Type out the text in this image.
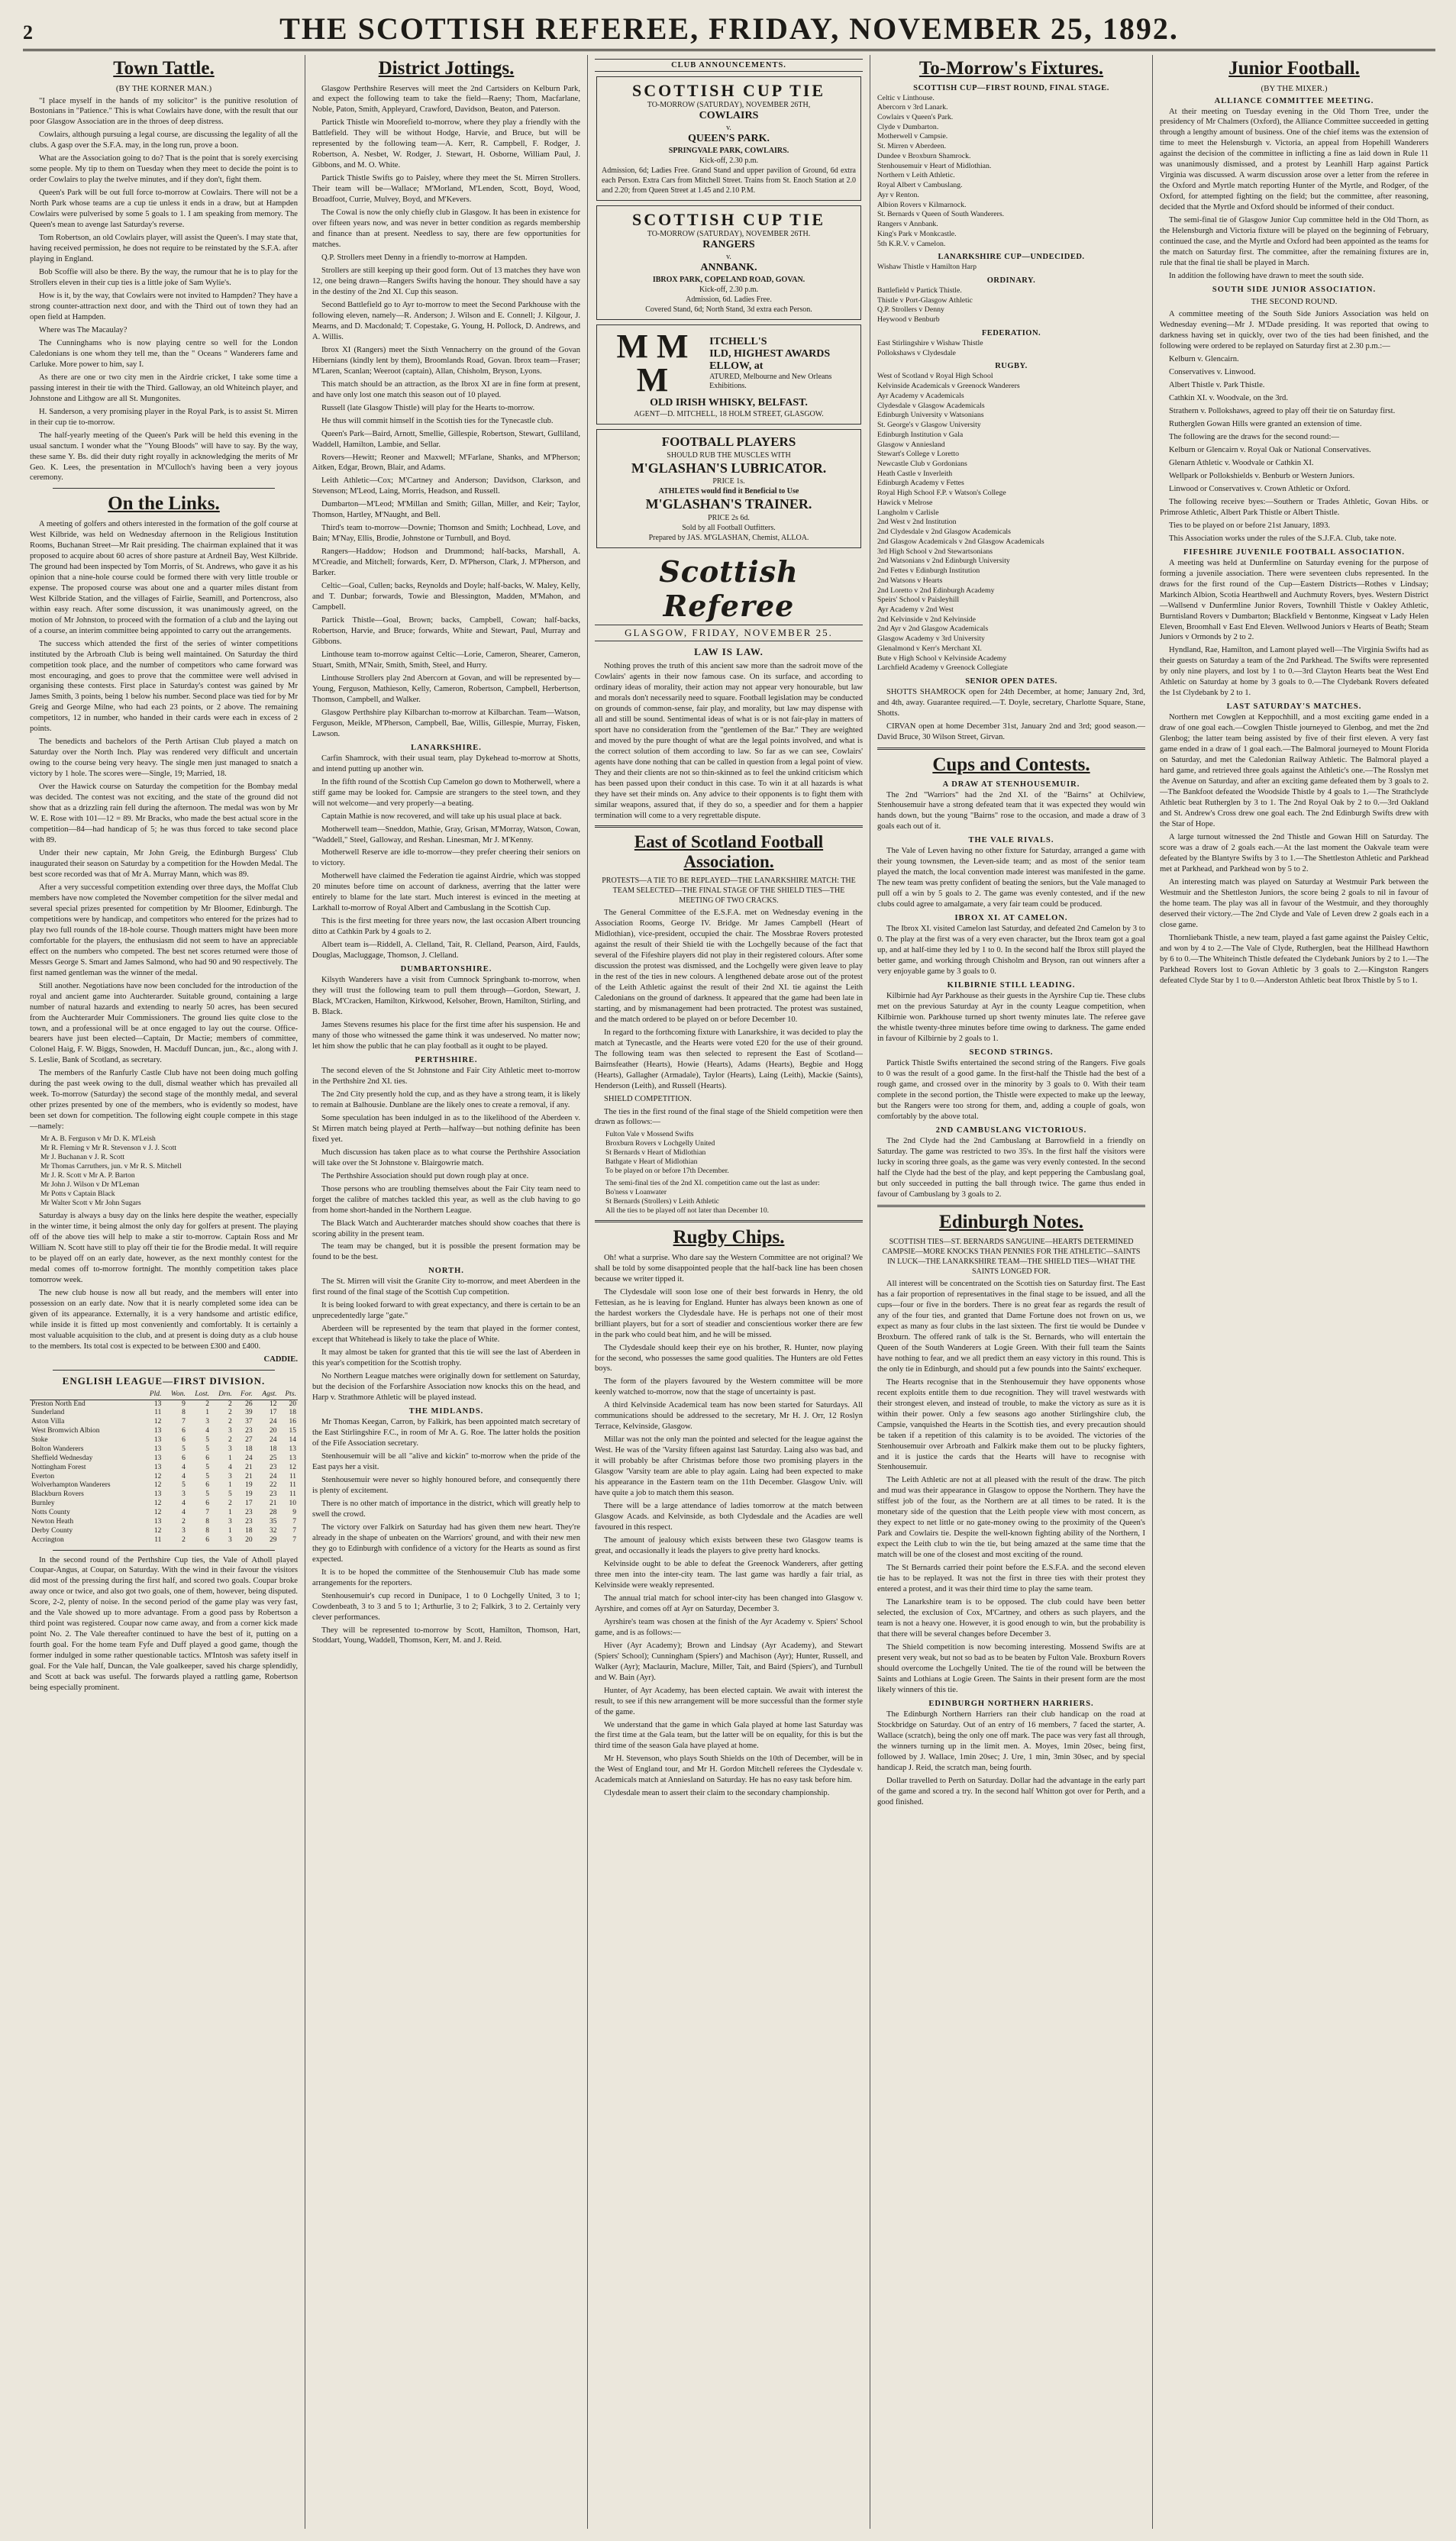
2	THE SCOTTISH REFEREE, FRIDAY, NOVEMBER 25, 1892.
Town Tattle.
(BY THE KORNER MAN.)

"I place myself in the hands of my solicitor" is the punitive resolution of Bostonians in "Patience." This is what Cowlairs have done, with the result that our poor Glasgow Association are in the throes of deep distress.

Cowlairs, although pursuing a legal course, are discussing the legality of all the clubs. A gasp over the S.F.A. may, in the long run, prove a boon.

What are the Association going to do? That is the point that is sorely exercising some people. My tip to them on Tuesday when they meet to decide the point is to order Cowlairs to play the twelve minutes, and if they don't, fight them.

Queen's Park will be out full force to-morrow at Cowlairs. There will not be a North Park whose teams are a cup tie unless it ends in a draw, but at Hampden Cowlairs were pulverised by some 5 goals to 1. I am speaking from memory. The Queen's mean to avenge last Saturday's reverse.

Tom Robertson, an old Cowlairs player, will assist the Queen's. I may state that, having received permission, he does not require to be reinstated by the S.F.A. after playing in England.

Bob Scoffie will also be there. By the way, the rumour that he is to play for the Strollers eleven in their cup ties is a little joke of Sam Wylie's.

How is it, by the way, that Cowlairs were not invited to Hampden? They have a strong counter-attraction next door, and with the Third out of town they had an open field at Hampden.

Where was The Macaulay?

The Cunninghams who is now playing centre so well for the London Caledonians is one whom they tell me, than the " Oceans " Wanderers fame and Carluke. More power to him, say I.

As there are one or two city men in the Airdrie cricket, I take some time a passing interest in their tie with the Third. Galloway, an old Whiteinch player, and Johnstone and Lithgow are all St. Mungonites.

H. Sanderson, a very promising player in the Royal Park, is to assist St. Mirren in their cup tie to-morrow.

The half-yearly meeting of the Queen's Park will be held this evening in the usual sanctum. I wonder what the "Young Bloods" will have to say. By the way, these same Y. Bs. did their duty right royally in acknowledging the merits of Mr Geo. K. Lees, the presentation in M'Culloch's having been a very joyous ceremony.

On the Links.

A meeting of golfers and others interested in the formation of the golf course at West Kilbride, was held on Wednesday afternoon in the Religious Institution Rooms, Buchanan Street—Mr Rait presiding. The chairman explained that it was proposed to acquire about 60 acres of shore pasture at Ardneil Bay, West Kilbride. The ground had been inspected by Tom Morris, of St. Andrews, who gave it as his opinion that a nine-hole course could be formed there with very little trouble or expense. The proposed course was about one and a quarter miles distant from West Kilbride Station, and the villages of Fairlie, Seamill, and Portencross, also within easy reach. After some discussion, it was unanimously agreed, on the motion of Mr Johnston, to proceed with the formation of a club and the laying out of a course, an interim committee being appointed to carry out the arrangements.

The success which attended the first of the series of winter competitions instituted by the Arbroath Club is being well maintained. On Saturday the third competition took place, and the number of competitors who came forward was most encouraging, and goes to prove that the committee were well advised in organising these contests. First place in Saturday's contest was gained by Mr James Smith, 3 points, being 1 below his number. Second place was tied for by Mr Greig and George Milne, who had each 23 points, or 2 above. The remaining competitors, 12 in number, who handed in their cards were each in excess of 2 points.

The benedicts and bachelors of the Perth Artisan Club played a match on Saturday over the North Inch. Play was rendered very difficult and uncertain owing to the course being very heavy. The single men just managed to snatch a victory by 1 hole. The scores were—Single, 19; Married, 18.

Over the Hawick course on Saturday the competition for the Bombay medal was decided. The contest was not exciting, and the state of the ground did not show that as a drizzling rain fell during the afternoon. The medal was won by Mr W. E. Rose with 101—12 = 89. Mr Bracks, who made the best actual score in the competition—84—had handicap of 5; he was thus forced to take second place with 89.

Under their new captain, Mr John Greig, the Edinburgh Burgess' Club inaugurated their season on Saturday by a competition for the Howden Medal. The best score recorded was that of Mr A. Murray Mann, which was 89.

After a very successful competition extending over three days, the Moffat Club members have now completed the November competition for the silver medal and several special prizes presented for competition by Mr Bloomer, Edinburgh. The competitions were by handicap, and competitors who entered for the prizes had to play two full rounds of the 18-hole course. Though matters might have been more comfortable for the players, the enthusiasm did not seem to have an appreciable effect on the numbers who competed. The best net scores returned were those of Messrs George S. Smart and James Salmond, who had 90 and 90 respectively. The first named gentleman was the winner of the medal.

Still another. Negotiations have now been concluded for the introduction of the royal and ancient game into Auchterarder. Suitable ground, containing a large number of natural hazards and extending to nearly 50 acres, has been secured from the Auchterarder Muir Commissioners. The ground lies quite close to the town, and a professional will be at once engaged to lay out the course. Office-bearers have just been elected—Captain, Dr Mactie; members of committee, Colonel Haig, F. W. Biggs, Snowden, H. Macduff Duncan, jun., &c., along with J. S. Leslie, Bank of Scotland, as secretary.

The members of the Ranfurly Castle Club have not been doing much golfing during the past week owing to the dull, dismal weather which has prevailed all week. To-morrow (Saturday) the second stage of the monthly medal, and several other prizes presented by one of the members, who is evidently so modest, have been set down for competition. The following eight couple compete in this stage—namely:

Mr A. B. Ferguson v Mr D. K. M'Leish
Mr R. Fleming v Mr R. Stevenson v J. J. Scott
Mr J. Buchanan v J. R. Scott
Mr Thomas Carruthers, jun. v Mr R. S. Mitchell
Mr J. R. Scott v Mr A. P. Barton
Mr John J. Wilson v Dr M'Leman
Mr Potts v Captain Black
Mr Walter Scott v Mr John Sugars

Saturday is always a busy day on the links here despite the weather, especially in the winter time, it being almost the only day for golfers at present. The playing off of the above ties will help to make a stir to-morrow. Captain Ross and Mr William N. Scott have still to play off their tie for the Brodie medal. It will require to be played off on an early date, however, as the next monthly contest for the medal comes off to-morrow fortnight. The monthly competition takes place tomorrow week.

The new club house is now all but ready, and the members will enter into possession on an early date. Now that it is nearly completed some idea can be given of its appearance. Externally, it is a very handsome and artistic edifice, while inside it is fitted up most conveniently and comfortably. It is certainly a most valuable acquisition to the club, and at present is doing duty as a club house to the members. Its total cost is expected to be between £300 and £400.

CADDIE.

ENGLISH LEAGUE—FIRST DIVISION.
	Pld.	Won.	Lost.	Drn.	For.	Agst.	Pts.
Preston North End	13	9	2	2	26	12	20
Sunderland	11	8	1	2	39	17	18
Aston Villa	12	7	3	2	37	24	16
West Bromwich Albion	13	6	4	3	23	20	15
Stoke	13	6	5	2	27	24	14
Bolton Wanderers	13	5	5	3	18	18	13
Sheffield Wednesday	13	6	6	1	24	25	13
Nottingham Forest	13	4	5	4	21	23	12
Everton	12	4	5	3	21	24	11
Wolverhampton Wanderers	12	5	6	1	19	22	11
Blackburn Rovers	13	3	5	5	19	23	11
Burnley	12	4	6	2	17	21	10
Notts County	12	4	7	1	23	28	9
Newton Heath	13	2	8	3	23	35	7
Derby County	12	3	8	1	18	32	7
Accrington	11	2	6	3	20	29	7

In the second round of the Perthshire Cup ties, the Vale of Atholl played Coupar-Angus, at Coupar, on Saturday. With the wind in their favour the visitors did most of the pressing during the first half, and scored two goals. Coupar broke away once or twice, and also got two goals, one of them, however, being disputed. Score, 2-2, plenty of noise. In the second period of the game play was very fast, and the Vale showed up to more advantage. From a good pass by Robertson a third point was registered. Coupar now came away, and from a corner kick made point No. 2. The Vale thereafter continued to have the best of it, putting on a fourth goal. For the home team Fyfe and Duff played a good game, though the former indulged in some rather questionable tactics. M'Intosh was safety itself in goal. For the Vale half, Duncan, the Vale goalkeeper, saved his charge splendidly, and Scott at back was useful. The forwards played a rattling game, Robertson being especially prominent.

District Jottings.

Glasgow Perthshire Reserves will meet the 2nd Cartsiders on Kelburn Park, and expect the following team to take the field—Raeny; Thom, Macfarlane, Noble, Paton, Smith, Appleyard, Crawford, Davidson, Beaton, and Paterson.

Partick Thistle win Moorefield to-morrow, where they play a friendly with the Battlefield. They will be without Hodge, Harvie, and Bruce, but will be represented by the following team—A. Kerr, R. Campbell, F. Rodger, J. Robertson, A. Nesbet, W. Rodger, J. Stewart, H. Osborne, William Paul, J. Gibbons, and M. O. White.

Partick Thistle Swifts go to Paisley, where they meet the St. Mirren Strollers. Their team will be—Wallace; M'Morland, M'Lenden, Scott, Boyd, Wood, Broadfoot, Currie, Mulvey, Boyd, and M'Kevers.

The Cowal is now the only chiefly club in Glasgow. It has been in existence for over fifteen years now, and was never in better condition as regards membership and finance than at present. Needless to say, there are few opportunities for matches.

Q.P. Strollers meet Denny in a friendly to-morrow at Hampden.

Strollers are still keeping up their good form. Out of 13 matches they have won 12, one being drawn—Rangers Swifts having the honour. They should have a say in the destiny of the 2nd XI. Cup this season.

Second Battlefield go to Ayr to-morrow to meet the Second Parkhouse with the following eleven, namely—R. Anderson; J. Wilson and E. Connell; J. Kilgour, J. Mearns, and D. Macdonald; T. Copestake, G. Young, H. Pollock, D. Andrews, and A. Willis.

Ibrox XI (Rangers) meet the Sixth Vennacherry on the ground of the Govan Hibernians (kindly lent by them), Broomlands Road, Govan. Ibrox team—Fraser; M'Laren, Scanlan; Weeroot (captain), Allan, Chisholm, Bryson, Lyons.

This match should be an attraction, as the Ibrox XI are in fine form at present, and have only lost one match this season out of 10 played.

Russell (late Glasgow Thistle) will play for the Hearts to-morrow.

He thus will commit himself in the Scottish ties for the Tynecastle club.

Queen's Park—Baird, Arnott, Smellie, Gillespie, Robertson, Stewart, Gulliland, Waddell, Hamilton, Lambie, and Sellar.

Rovers—Hewitt; Reoner and Maxwell; M'Farlane, Shanks, and M'Pherson; Aitken, Edgar, Brown, Blair, and Adams.

Leith Athletic—Cox; M'Cartney and Anderson; Davidson, Clarkson, and Stevenson; M'Leod, Laing, Morris, Headson, and Russell.

Dumbarton—M'Leod; M'Millan and Smith; Gillan, Miller, and Keir; Taylor, Thomson, Hartley, M'Naught, and Bell.

Third's team to-morrow—Downie; Thomson and Smith; Lochhead, Love, and Bain; M'Nay, Ellis, Brodie, Johnstone or Turnbull, and Boyd.

Rangers—Haddow; Hodson and Drummond; half-backs, Marshall, A. M'Creadie, and Mitchell; forwards, Kerr, D. M'Pherson, Clark, J. M'Pherson, and Barker.

Celtic—Goal, Cullen; backs, Reynolds and Doyle; half-backs, W. Maley, Kelly, and T. Dunbar; forwards, Towie and Blessington, Madden, M'Mahon, and Campbell.

Partick Thistle—Goal, Brown; backs, Campbell, Cowan; half-backs, Robertson, Harvie, and Bruce; forwards, White and Stewart, Paul, Murray and Gibbons.

Linthouse team to-morrow against Celtic—Lorie, Cameron, Shearer, Cameron, Stuart, Smith, M'Nair, Smith, Smith, Steel, and Hurry.

Linthouse Strollers play 2nd Abercorn at Govan, and will be represented by—Young, Ferguson, Mathieson, Kelly, Cameron, Robertson, Campbell, Herbertson, Thomson, Campbell, and Walker.

Glasgow Perthshire play Kilbarchan to-morrow at Kilbarchan. Team—Watson, Ferguson, Meikle, M'Pherson, Campbell, Bae, Willis, Gillespie, Murray, Fisken, Lawson.

LANARKSHIRE.

Carfin Shamrock, with their usual team, play Dykehead to-morrow at Shotts, and intend putting up another win.

In the fifth round of the Scottish Cup Camelon go down to Motherwell, where a stiff game may be looked for. Campsie are strangers to the steel town, and they will not welcome—and very properly—a beating.

Captain Mathie is now recovered, and will take up his usual place at back.

Motherwell team—Sneddon, Mathie, Gray, Grisan, M'Morray, Watson, Cowan, "Waddell," Steel, Galloway, and Reshan. Linesman, Mr J. M'Kenny.

Motherwell Reserve are idle to-morrow—they prefer cheering their seniors on to victory.

Motherwell have claimed the Federation tie against Airdrie, which was stopped 20 minutes before time on account of darkness, averring that the latter were entirely to blame for the late start. Much interest is evinced in the meeting at Larkhall to-morrow of Royal Albert and Cambuslang in the Scottish Cup.

This is the first meeting for three years now, the last occasion Albert trouncing ditto at Cathkin Park by 4 goals to 2.

Albert team is—Riddell, A. Clelland, Tait, R. Clelland, Pearson, Aird, Faulds, Douglas, Macluggage, Thomson, J. Clelland.

DUMBARTONSHIRE.

Kilsyth Wanderers have a visit from Cumnock Springbank to-morrow, when they will trust the following team to pull them through—Gordon, Stewart, J. Black, M'Cracken, Hamilton, Kirkwood, Kelsoher, Brown, Hamilton, Stirling, and B. Black.

James Stevens resumes his place for the first time after his suspension. He and many of those who witnessed the game think it was undeserved. No matter now; let him show the public that he can play football as it ought to be played.

PERTHSHIRE.

The second eleven of the St Johnstone and Fair City Athletic meet to-morrow in the Perthshire 2nd XI. ties.

The 2nd City presently hold the cup, and as they have a strong team, it is likely to remain at Balhousie. Dunblane are the likely ones to create a removal, if any.

Some speculation has been indulged in as to the likelihood of the Aberdeen v. St Mirren match being played at Perth—halfway—but nothing definite has been fixed yet.

Much discussion has taken place as to what course the Perthshire Association will take over the St Johnstone v. Blairgowrie match.

The Perthshire Association should put down rough play at once.

Those persons who are troubling themselves about the Fair City team need to forget the calibre of matches tackled this year, as well as the club having to go from home short-handed in the Northern League.

The Black Watch and Auchterarder matches should show coaches that there is scoring ability in the present team.

The team may be changed, but it is possible the present formation may be found to be the best.

NORTH.

The St. Mirren will visit the Granite City to-morrow, and meet Aberdeen in the first round of the final stage of the Scottish Cup competition.

It is being looked forward to with great expectancy, and there is certain to be an unprecedentedly large "gate."

Aberdeen will be represented by the team that played in the former contest, except that Whitehead is likely to take the place of White.

It may almost be taken for granted that this tie will see the last of Aberdeen in this year's competition for the Scottish trophy.

No Northern League matches were originally down for settlement on Saturday, but the decision of the Forfarshire Association now knocks this on the head, and Harp v. Strathmore Athletic will be played instead.

THE MIDLANDS.

Mr Thomas Keegan, Carron, by Falkirk, has been appointed match secretary of the East Stirlingshire F.C., in room of Mr A. G. Roe. The latter holds the position of the Fife Association secretary.

Stenhousemuir will be all "alive and kickin" to-morrow when the pride of the East pays her a visit.

Stenhousemuir were never so highly honoured before, and consequently there is plenty of excitement.

There is no other match of importance in the district, which will greatly help to swell the crowd.

The victory over Falkirk on Saturday had has given them new heart. They're already in the shape of unbeaten on the Warriors' ground, and with their new men they go to Edinburgh with confidence of a victory for the Hearts as sound as first expected.

It is to be hoped the committee of the Stenhousemuir Club has made some arrangements for the reporters.

Stenhousemuir's cup record in Dunipace, 1 to 0 Lochgelly United, 3 to 1; Cowdenbeath, 3 to 3 and 5 to 1; Arthurlie, 3 to 2; Falkirk, 3 to 2. Certainly very clever performances.

They will be represented to-morrow by Scott, Hamilton, Thomson, Hart, Stoddart, Young, Waddell, Thomson, Kerr, M. and J. Reid.

CLUB ANNOUNCEMENTS.
SCOTTISH CUP TIE
TO-MORROW (SATURDAY), NOVEMBER 26TH,
COWLAIRS
v.
QUEEN'S PARK.
SPRINGVALE PARK, COWLAIRS.
Kick-off, 2.30 p.m.
Admission, 6d; Ladies Free. Grand Stand and upper pavilion of Ground, 6d extra each Person. Extra Cars from Mitchell Street. Trains from St. Enoch Station at 2.0 and 2.20; from Queen Street at 1.45 and 2.10 P.M.
SCOTTISH CUP TIE
TO-MORROW (SATURDAY), NOVEMBER 26TH.
RANGERS
v.
ANNBANK.
IBROX PARK, COPELAND ROAD, GOVAN.
Kick-off, 2.30 p.m.
Admission, 6d. Ladies Free.
Covered Stand, 6d; North Stand, 3d extra each Person.
M M M
ITCHELL'S
ILD, HIGHEST AWARDS
ELLOW, at
ATURED, Melbourne and New Orleans Exhibitions.
OLD IRISH WHISKY, BELFAST.
AGENT—D. MITCHELL, 18 HOLM STREET, GLASGOW.
FOOTBALL PLAYERS
SHOULD RUB THE MUSCLES WITH
M'GLASHAN'S LUBRICATOR.
PRICE 1s.
ATHLETES would find it Beneficial to Use
M'GLASHAN'S TRAINER.
PRICE 2s 6d.
Sold by all Football Outfitters.
Prepared by JAS. M'GLASHAN, Chemist, ALLOA.
Scottish Referee
GLASGOW, FRIDAY, NOVEMBER 25.
LAW IS LAW.

Nothing proves the truth of this ancient saw more than the sadroit move of the Cowlairs' agents in their now famous case. On its surface, and according to ordinary ideas of morality, their action may not appear very honourable, but law and morals don't necessarily need to square. Football legislation may be conducted on grounds of common-sense, fair play, and morality, but law may dispense with all and still be sound. Sentimental ideas of what is or is not fair-play in matters of sport have no consideration from the "gentlemen of the Bar." They are weighted and moved by the pure thought of what are the legal points involved, and what is the correct solution of them according to law. So far as we can see, Cowlairs' agents have done nothing that can be called in question from a legal point of view. They and their clients are not so thin-skinned as to feel the unkind criticism which has been passed upon their conduct in this case. To win it at all hazards is what they have set their minds on. Any advice to their opponents is to fight them with similar weapons, assured that, if they do so, a speedier and for them a happier termination will come to a very regrettable dispute.

East of Scotland Football Association.
PROTESTS—A TIE TO BE REPLAYED—THE LANARKSHIRE MATCH: THE TEAM SELECTED—THE FINAL STAGE OF THE SHIELD TIES—THE MEETING OF TWO CRACKS.

The General Committee of the E.S.F.A. met on Wednesday evening in the Association Rooms, George IV. Bridge. Mr James Campbell (Heart of Midlothian), vice-president, occupied the chair. The Mossbrae Rovers protested against the result of their Shield tie with the Lochgelly because of the fact that several of the Fifeshire players did not play in their registered colours. After some discussion the protest was dismissed, and the Lochgelly were given leave to play in the rest of the ties in new colours. A lengthened debate arose out of the protest of the Leith Athletic against the result of their 2nd XI. tie against the Leith Caledonians on the ground of darkness. It appeared that the game had been late in starting, and by mismanagement had been protracted. The protest was sustained, and the match ordered to be played on or before December 10.

In regard to the forthcoming fixture with Lanarkshire, it was decided to play the match at Tynecastle, and the Hearts were voted £20 for the use of their ground. The following team was then selected to represent the East of Scotland—Bairnsfeather (Hearts), Howie (Hearts), Adams (Hearts), Begbie and Hogg (Hearts), Gallagher (Armadale), Taylor (Hearts), Laing (Leith), Mackie (Saints), Henderson (Leith), and Russell (Hearts).

SHIELD COMPETITION.

The ties in the first round of the final stage of the Shield competition were then drawn as follows:—

Fulton Vale v Mossend Swifts
Broxburn Rovers v Lochgelly United
St Bernards v Heart of Midlothian
Bathgate v Heart of Midlothian
To be played on or before 17th December.
The semi-final ties of the 2nd XI. competition came out the last as under:
Bo'ness v Loanwater
St Bernards (Strollers) v Leith Athletic
All the ties to be played off not later than December 10.
Rugby Chips.

Oh! what a surprise. Who dare say the Western Committee are not original? We shall be told by some disappointed people that the half-back line has been chosen because we writer tipped it.

The Clydesdale will soon lose one of their best forwards in Henry, the old Fettesian, as he is leaving for England. Hunter has always been known as one of the hardest workers the Clydesdale have. He is perhaps not one of their most brilliant players, but for a sort of steadier and conscientious worker there are few in the park who could beat him, and he will be missed.

The Clydesdale should keep their eye on his brother, R. Hunter, now playing for the second, who possesses the same good qualities. The Hunters are old Fettes boys.

The form of the players favoured by the Western committee will be more keenly watched to-morrow, now that the stage of uncertainty is past.

A third Kelvinside Academical team has now been started for Saturdays. All communications should be addressed to the secretary, Mr H. J. Orr, 12 Roslyn Terrace, Kelvinside, Glasgow.

Millar was not the only man the pointed and selected for the league against the West. He was of the 'Varsity fifteen against last Saturday. Laing also was bad, and it will probably be after Christmas before those two promising players in the Glasgow 'Varsity team are able to play again. Laing had been expected to make his appearance in the Eastern team on the 11th December. Glasgow Univ. will have quite a job to match them this season.

There will be a large attendance of ladies tomorrow at the match between Glasgow Acads. and Kelvinside, as both Clydesdale and the Acadies are well favoured in this respect.

The amount of jealousy which exists between these two Glasgow teams is great, and occasionally it leads the players to give pretty hard knocks.

Kelvinside ought to be able to defeat the Greenock Wanderers, after getting three men into the inter-city team. The last game was hardly a fair trial, as Kelvinside were weakly represented.

The annual trial match for school inter-city has been changed into Glasgow v. Ayrshire, and comes off at Ayr on Saturday, December 3.

Ayrshire's team was chosen at the finish of the Ayr Academy v. Spiers' School game, and is as follows:—

Hiver (Ayr Academy); Brown and Lindsay (Ayr Academy), and Stewart (Spiers' School); Cunningham (Spiers') and Machison (Ayr); Hunter, Russell, and Walker (Ayr); Maclaurin, Maclure, Miller, Tait, and Baird (Spiers'), and Turnbull and W. Bain (Ayr).

Hunter, of Ayr Academy, has been elected captain. We await with interest the result, to see if this new arrangement will be more successful than the former style of the game.

We understand that the game in which Gala played at home last Saturday was the first time at the Gala team, but the latter will be on equality, for this is but the third time of the season Gala have played at home.

Mr H. Stevenson, who plays South Shields on the 10th of December, will be in the West of England tour, and Mr H. Gordon Mitchell referees the Clydesdale v. Academicals match at Anniesland on Saturday. He has no easy task before him.

Clydesdale mean to assert their claim to the secondary championship.

To-Morrow's Fixtures.
SCOTTISH CUP—FIRST ROUND, FINAL STAGE.
Celtic v Linthouse.
Abercorn v 3rd Lanark.
Cowlairs v Queen's Park.
Clyde v Dumbarton.
Motherwell v Campsie.
St. Mirren v Aberdeen.
Dundee v Broxburn Shamrock.
Stenhousemuir v Heart of Midlothian.
Northern v Leith Athletic.
Royal Albert v Cambuslang.
Ayr v Renton.
Albion Rovers v Kilmarnock.
St. Bernards v Queen of South Wanderers.
Rangers v Annbank.
King's Park v Monkcastle.
5th K.R.V. v Camelon.
LANARKSHIRE CUP—UNDECIDED.
Wishaw Thistle v Hamilton Harp
ORDINARY.
Battlefield v Partick Thistle.
Thistle v Port-Glasgow Athletic
Q.P. Strollers v Denny
Heywood v Benburb
FEDERATION.
East Stirlingshire v Wishaw Thistle
Pollokshaws v Clydesdale
RUGBY.
West of Scotland v Royal High School
Kelvinside Academicals v Greenock Wanderers
Ayr Academy v Academicals
Clydesdale v Glasgow Academicals
Edinburgh University v Watsonians
St. George's v Glasgow University
Edinburgh Institution v Gala
Glasgow v Anniesland
Stewart's College v Loretto
Newcastle Club v Gordonians
Heath Castle v Inverleith
Edinburgh Academy v Fettes
Royal High School F.P. v Watson's College
Hawick v Melrose
Langholm v Carlisle
2nd West v 2nd Institution
2nd Clydesdale v 2nd Glasgow Academicals
2nd Glasgow Academicals v 2nd Glasgow Academicals
3rd High School v 2nd Stewartsonians
2nd Watsonians v 2nd Edinburgh University
2nd Fettes v Edinburgh Institution
2nd Watsons v Hearts
2nd Loretto v 2nd Edinburgh Academy
Speirs' School v Paisleyhill
Ayr Academy v 2nd West
2nd Kelvinside v 2nd Kelvinside
2nd Ayr v 2nd Glasgow Academicals
Glasgow Academy v 3rd University
Glenalmond v Kerr's Merchant XI.
Bute v High School v Kelvinside Academy
Larchfield Academy v Greenock Collegiate
SENIOR OPEN DATES.

SHOTTS SHAMROCK open for 24th December, at home; January 2nd, 3rd, and 4th, away. Guarantee required.—T. Doyle, secretary, Charlotte Square, Stane, Shotts.

CIRVAN open at home December 31st, January 2nd and 3rd; good season.—David Bruce, 30 Wilson Street, Girvan.

Cups and Contests.
A DRAW AT STENHOUSEMUIR.

The 2nd "Warriors" had the 2nd XI. of the "Bairns" at Ochilview, Stenhousemuir have a strong defeated team that it was expected they would win hands down, but the young "Bairns" rose to the occasion, and made a draw of 3 goals each out of it.

THE VALE RIVALS.

The Vale of Leven having no other fixture for Saturday, arranged a game with their young townsmen, the Leven-side team; and as most of the senior team played the match, the local convention made interest was manifested in the game. The new team was pretty confident of beating the seniors, but the Vale managed to pull off a win by 5 goals to 2. The game was evenly contested, and if the new clubs could agree to amalgamate, a very fair team could be produced.

IBROX XI. AT CAMELON.

The Ibrox XI. visited Camelon last Saturday, and defeated 2nd Camelon by 3 to 0. The play at the first was of a very even character, but the Ibrox team got a goal up, and at half-time they led by 1 to 0. In the second half the Ibrox still played the better game, and working through Chisholm and Bryson, ran out winners after a very enjoyable game by 3 goals to 0.

KILBIRNIE STILL LEADING.

Kilbirnie had Ayr Parkhouse as their guests in the Ayrshire Cup tie. These clubs met on the previous Saturday at Ayr in the county League competition, when Kilbirnie won. Parkhouse turned up short twenty minutes late. The referee gave the whistle twenty-three minutes before time owing to darkness. The game ended in favour of Kilbirnie by 2 goals to 1.

SECOND STRINGS.

Partick Thistle Swifts entertained the second string of the Rangers. Five goals to 0 was the result of a good game. In the first-half the Thistle had the best of a rough game, and crossed over in the minority by 3 goals to 0. With their team complete in the second portion, the Thistle were expected to make up the leeway, but the Rangers were too strong for them, and, adding a couple of goals, won comfortably by the above total.

2ND CAMBUSLANG VICTORIOUS.

The 2nd Clyde had the 2nd Cambuslang at Barrowfield in a friendly on Saturday. The game was restricted to two 35's. In the first half the visitors were lucky in scoring three goals, as the game was very evenly contested. In the second half the Clyde had the best of the play, and kept peppering the Cambuslang goal, but only succeeded in putting the ball through twice. The game thus ended in favour of Cambuslang by 3 goals to 2.

Edinburgh Notes.
SCOTTISH TIES—ST. BERNARDS SANGUINE—HEARTS DETERMINED CAMPSIE—MORE KNOCKS THAN PENNIES FOR THE ATHLETIC—SAINTS IN LUCK—THE LANARKSHIRE TEAM—THE SHIELD TIES—WHAT THE SAINTS LONGED FOR.

All interest will be concentrated on the Scottish ties on Saturday first. The East has a fair proportion of representatives in the final stage to be issued, and all the cups—four or five in the borders. There is no great fear as regards the result of any of the four ties, and granted that Dame Fortune does not frown on us, we expect as many as four clubs in the last sixteen. The first tie would be Dundee v Broxburn. The offered rank of talk is the St. Bernards, who will entertain the Queen of the South Wanderers at Logie Green. With their full team the Saints have nothing to fear, and we all predict them an easy victory in this round. This is the only tie in Edinburgh, and should put a few pounds into the Saints' exchequer.

The Hearts recognise that in the Stenhousemuir they have opponents whose recent exploits entitle them to due recognition. They will travel westwards with their strongest eleven, and instead of trouble, to make the victory as sure as it is within their power. Only a few seasons ago another Stirlingshire club, the Campsie, vanquished the Hearts in the Scottish ties, and every precaution should be taken if a repetition of this calamity is to be avoided. The victories of the Stenhousemuir over Arbroath and Falkirk make them out to be plucky fighters, and it is justice the cards that the Hearts will have to recognise with Stenhousemuir.

The Leith Athletic are not at all pleased with the result of the draw. The pitch and mud was their appearance in Glasgow to oppose the Northern. They have the stiffest job of the four, as the Northern are at all times to be rated. It is the monetary side of the question that the Leith people view with most concern, as they expect to net little or no gate-money owing to the proximity of the Queen's Park and Cowlairs tie. Despite the well-known fighting ability of the Northern, I expect the Leith club to win the tie, but being amazed at the same time that the match will be one of the closest and most exciting of the round.

The St Bernards carried their point before the E.S.F.A. and the second eleven tie has to be replayed. It was not the first in three ties with their protest they entered a protest, and it was their third time to play the same team.

The Lanarkshire team is to be opposed. The club could have been better selected, the exclusion of Cox, M'Cartney, and others as such players, and the team is not a heavy one. However, it is good enough to win, but the probability is that there will be several changes before December 3.

The Shield competition is now becoming interesting. Mossend Swifts are at present very weak, but not so bad as to be beaten by Fulton Vale. Broxburn Rovers should overcome the Lochgelly United. The tie of the round will be between the Saints and Lothians at Logie Green. The Saints in their present form are the most likely winners of this tie.

EDINBURGH NORTHERN HARRIERS.

The Edinburgh Northern Harriers ran their club handicap on the road at Stockbridge on Saturday. Out of an entry of 16 members, 7 faced the starter, A. Wallace (scratch), being the only one off mark. The pace was very fast all through, the winners turning up in the limit men. A. Moyes, 1min 20sec, being first, followed by J. Wallace, 1min 20sec; J. Ure, 1 min, 3min 30sec, and by special handicap J. Reid, the scratch man, being fourth.

Dollar travelled to Perth on Saturday. Dollar had the advantage in the early part of the game and scored a try. In the second half Whitton got over for Perth, and a good finished.

Junior Football.
(BY THE MIXER.)
ALLIANCE COMMITTEE MEETING.

At their meeting on Tuesday evening in the Old Thorn Tree, under the presidency of Mr Chalmers (Oxford), the Alliance Committee succeeded in getting through a lengthy amount of business. One of the chief items was the extension of time to meet the Helensburgh v. Victoria, an appeal from Hopehill Wanderers against the decision of the committee in inflicting a fine as laid down in Rule 11 was unanimously dismissed, and a protest by Leanhill Harp against Partick Virginia was discussed. A warm discussion arose over a letter from the referee in the Oxford and Myrtle match reporting Hunter of the Myrtle, and Rodger, of the Oxford, for attempted fighting on the field; but the committee, after reasoning, decided that the Myrtle and Oxford should be informed of their conduct.

The semi-final tie of Glasgow Junior Cup committee held in the Old Thorn, as the Helensburgh and Victoria fixture will be played on the beginning of February, continued the case, and the Myrtle and Oxford had been appointed as the teams for the match on Saturday first. The committee, after the remaining fixtures are in, rule that the final tie shall be played in March.

In addition the following have drawn to meet the south side.

SOUTH SIDE JUNIOR ASSOCIATION.
THE SECOND ROUND.

A committee meeting of the South Side Juniors Association was held on Wednesday evening—Mr J. M'Dade presiding. It was reported that owing to darkness having set in quickly, over two of the ties had been finished, and the following were ordered to be replayed on Saturday first at 2.30 p.m.:—

Kelburn v. Glencairn.

Conservatives v. Linwood.

Albert Thistle v. Park Thistle.

Cathkin XI. v. Woodvale, on the 3rd.

Strathern v. Pollokshaws, agreed to play off their tie on Saturday first.

Rutherglen Gowan Hills were granted an extension of time.

The following are the draws for the second round:—

Kelburn or Glencairn v. Royal Oak or National Conservatives.

Glenarn Athletic v. Woodvale or Cathkin XI.

Wellpark or Pollokshields v. Benburb or Western Juniors.

Linwood or Conservatives v. Crown Athletic or Oxford.

The following receive byes:—Southern or Trades Athletic, Govan Hibs. or Primrose Athletic, Albert Park Thistle or Albert Thistle.

Ties to be played on or before 21st January, 1893.

This Association works under the rules of the S.J.F.A. Club, take note.

FIFESHIRE JUVENILE FOOTBALL ASSOCIATION.

A meeting was held at Dunfermline on Saturday evening for the purpose of forming a juvenile association. There were seventeen clubs represented. In the draws for the first round of the Cup—Eastern Districts—Rothes v Lindsay; Markinch Albion, Scotia Hearthwell and Auchmuty Rovers, byes. Western District—Wallsend v Dunfermline Junior Rovers, Townhill Thistle v Oakley Athletic, Burntisland Rovers v Dumbarton; Blackfield v Bentonme, Kingseat v Lady Helen Eleven, Broomhall v East End Eleven. Wellwood Juniors v Hearts of Beath; Steam Juniors v Ormonds by 2 to 2.

Hyndland, Rae, Hamilton, and Lamont played well—The Virginia Swifts had as their guests on Saturday a team of the 2nd Parkhead. The Swifts were represented by only nine players, and lost by 1 to 0.—3rd Clayton Hearts beat the West End Athletic on Saturday at home by 3 goals to 0.—The Clydebank Rovers defeated the 1st Clydebank by 2 to 1.

LAST SATURDAY'S MATCHES.

Northern met Cowglen at Keppochhill, and a most exciting game ended in a draw of one goal each.—Cowglen Thistle journeyed to Glenbog, and met the 2nd Glenbog; the latter team being assisted by five of their first eleven. A very fast game ended in a draw of 1 goal each.—The Balmoral journeyed to Mount Florida on Saturday, and met the Caledonian Railway Athletic. The Balmoral played a hard game, and retrieved three goals against the Athletic's one.—The Rosslyn met the Avenue on Saturday, and after an exciting game defeated them by 3 goals to 2.—The Bankfoot defeated the Woodside Thistle by 4 goals to 1.—The Strathclyde Athletic beat Rutherglen by 3 to 1. The 2nd Royal Oak by 2 to 0.—3rd Oakland and St. Andrew's Cross drew one goal each. The 2nd Edinburgh Swifts drew with the Star of Hope.

A large turnout witnessed the 2nd Thistle and Gowan Hill on Saturday. The score was a draw of 2 goals each.—At the last moment the Oakvale team were defeated by the Blantyre Swifts by 3 to 1.—The Shettleston Athletic and Parkhead met at Parkhead, and Parkhead won by 5 to 2.

An interesting match was played on Saturday at Westmuir Park between the Westmuir and the Shettleston Juniors, the score being 2 goals to nil in favour of the home team. The play was all in favour of the Westmuir, and they thoroughly deserved their victory.—The 2nd Clyde and Vale of Leven drew 2 goals each in a close game.

Thornliebank Thistle, a new team, played a fast game against the Paisley Celtic, and won by 4 to 2.—The Vale of Clyde, Rutherglen, beat the Hillhead Hawthorn by 6 to 0.—The Whiteinch Thistle defeated the Clydebank Juniors by 2 to 1.—The Parkhead Rovers lost to Govan Athletic by 3 goals to 2.—Kingston Rangers defeated Clyde Star by 1 to 0.—Anderston Athletic beat Ibrox Thistle by 5 to 1.
